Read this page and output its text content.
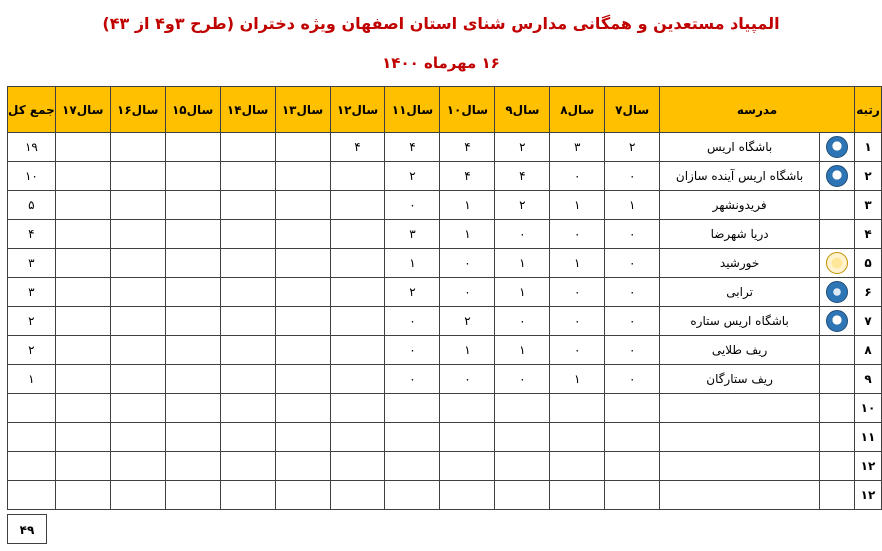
المپیاد مستعدین و همگانی مدارس شنای استان اصفهان ویژه دختران (طرح ۳و۴ از ۴۳)
۱۶ مهرماه ۱۴۰۰
جمع کل	۱۷سال	۱۶سال	۱۵سال	۱۴سال	۱۳سال	۱۲سال	۱۱سال	۱۰سال	۹سال	۸سال	۷سال	مدرسه		رتبه
۱۹						۴	۴	۴	۲	۳	۲	باشگاه اریس		۱
۱۰							۲	۴	۴	۰	۰	باشگاه اریس آینده سازان		۲
۵							۰	۱	۲	۱	۱	فریدونشهر		۳
۴							۳	۱	۰	۰	۰	دریا شهرضا		۴
۳							۱	۰	۱	۱	۰	خورشید		۵
۳							۲	۰	۱	۰	۰	ترابی		۶
۲							۰	۲	۰	۰	۰	باشگاه اریس ستاره		۷
۲							۰	۱	۱	۰	۰	ریف طلایی		۸
۱							۰	۰	۰	۱	۰	ریف ستارگان		۹
														۱۰
														۱۱
														۱۲
														۱۲
۴۹
